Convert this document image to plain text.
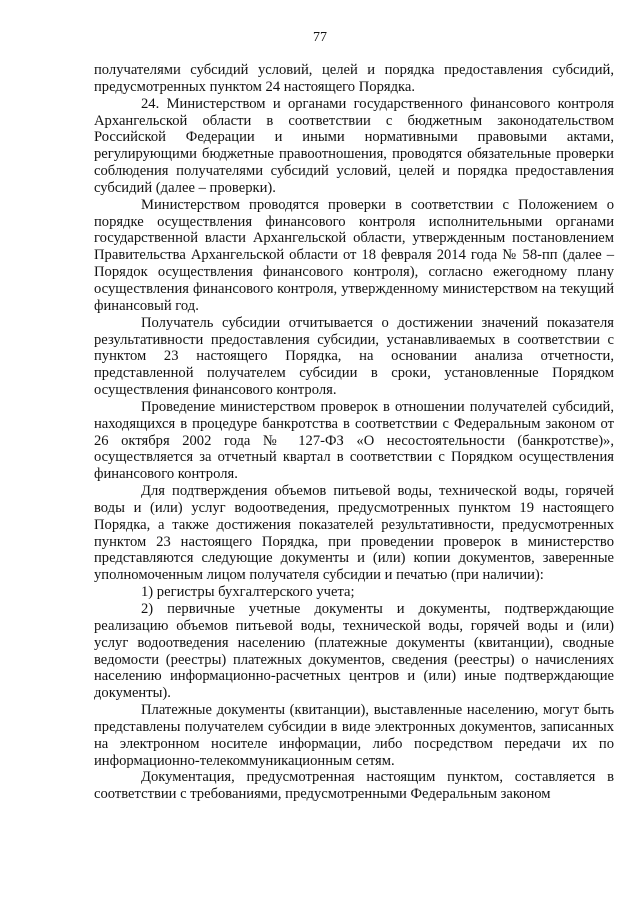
77

получателями субсидий условий, целей и порядка предоставления субсидий, предусмотренных пунктом 24 настоящего Порядка.

24. Министерством и органами государственного финансового контроля Архангельской области в соответствии с бюджетным законодательством Российской Федерации и иными нормативными правовыми актами, регулирующими бюджетные правоотношения, проводятся обязательные проверки соблюдения получателями субсидий условий, целей и порядка предоставления субсидий (далее – проверки).

Министерством проводятся проверки в соответствии с Положением о порядке осуществления финансового контроля исполнительными органами государственной власти Архангельской области, утвержденным постановлением Правительства Архангельской области от 18 февраля 2014 года № 58-пп (далее – Порядок осуществления финансового контроля), согласно ежегодному плану осуществления финансового контроля, утвержденному министерством на текущий финансовый год.

Получатель субсидии отчитывается о достижении значений показателя результативности предоставления субсидии, устанавливаемых в соответствии с пунктом 23 настоящего Порядка, на основании анализа отчетности, представленной получателем субсидии в сроки, установленные Порядком осуществления финансового контроля.

Проведение министерством проверок в отношении получателей субсидий, находящихся в процедуре банкротства в соответствии с Федеральным законом от 26 октября 2002 года № 127-ФЗ «О несостоятельности (банкротстве)», осуществляется за отчетный квартал в соответствии с Порядком осуществления финансового контроля.

Для подтверждения объемов питьевой воды, технической воды, горячей воды и (или) услуг водоотведения, предусмотренных пунктом 19 настоящего Порядка, а также достижения показателей результативности, предусмотренных пунктом 23 настоящего Порядка, при проведении проверок в министерство представляются следующие документы и (или) копии документов, заверенные уполномоченным лицом получателя субсидии и печатью (при наличии):

1) регистры бухгалтерского учета;

2) первичные учетные документы и документы, подтверждающие реализацию объемов питьевой воды, технической воды, горячей воды и (или) услуг водоотведения населению (платежные документы (квитанции), сводные ведомости (реестры) платежных документов, сведения (реестры) о начислениях населению информационно-расчетных центров и (или) иные подтверждающие документы).

Платежные документы (квитанции), выставленные населению, могут быть представлены получателем субсидии в виде электронных документов, записанных на электронном носителе информации, либо посредством передачи их по информационно-телекоммуникационным сетям.

Документация, предусмотренная настоящим пунктом, составляется в соответствии с требованиями, предусмотренными Федеральным законом
